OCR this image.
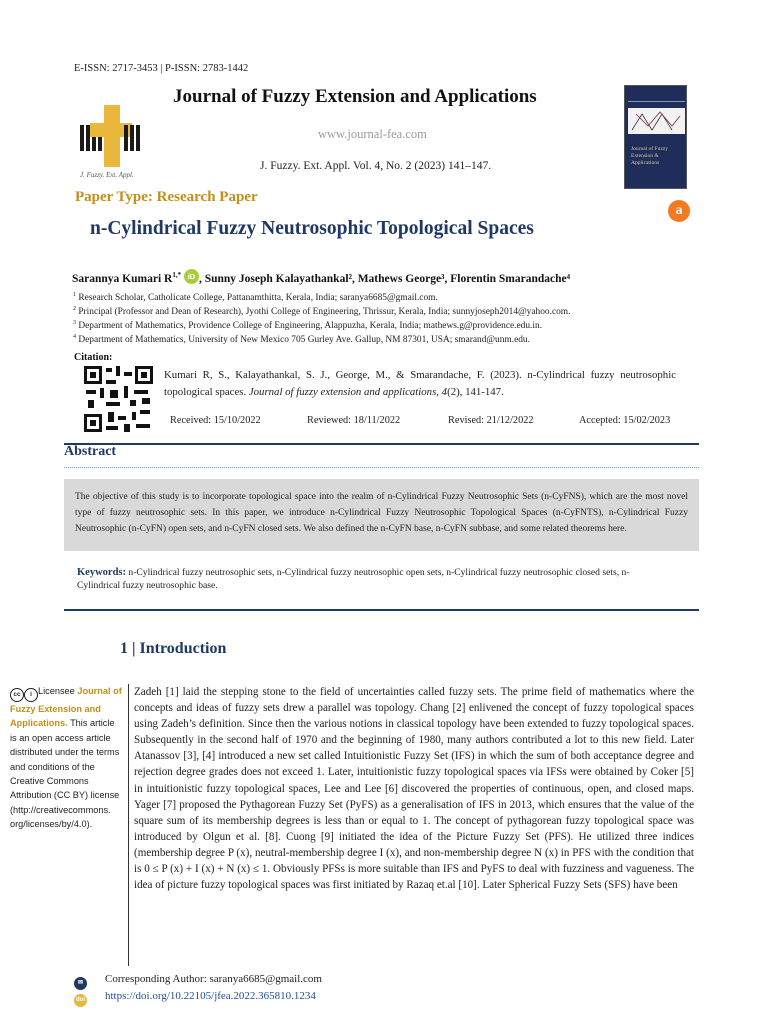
E-ISSN: 2717-3453 | P-ISSN: 2783-1442
J. Fuzzy. Ext. Appl.
Journal of Fuzzy Extension and Applications
www.journal-fea.com
J. Fuzzy. Ext. Appl. Vol. 4, No. 2 (2023) 141–147.
Journal of Fuzzy Extension & Applications
Paper Type: Research Paper
a
n-Cylindrical Fuzzy Neutrosophic Topological Spaces
Sarannya Kumari $R^{1,*}$ iD , Sunny Joseph Kalayathankal², Mathews George³, Florentin Smarandache⁴
$^1$ Research Scholar, Catholicate College, Pattanamthitta, Kerala, India; saranya6685@gmail.com.
$^2$ Principal (Professor and Dean of Research), Jyothi College of Engineering, Thrissur, Kerala, India; sunnyjoseph2014@yahoo.com.
$^3$ Department of Mathematics, Providence College of Engineering, Alappuzha, Kerala, India; mathews.g@providence.edu.in.
$^4$ Department of Mathematics, University of New Mexico 705 Gurley Ave. Gallup, NM 87301, USA; smarand@unm.edu.
Citation:
Kumari R, S., Kalayathankal, S. J., George, M., & Smarandache, F. (2023). n-Cylindrical fuzzy neutrosophic topological spaces. Journal of fuzzy extension and applications, 4(2), 141-147.
Received: 15/10/2022	Reviewed: 18/11/2022	Revised: 21/12/2022	Accepted: 15/02/2023
Abstract
The objective of this study is to incorporate topological space into the realm of n-Cylindrical Fuzzy Neutrosophic Sets (n-CyFNS), which are the most novel type of fuzzy neutrosophic sets. In this paper, we introduce n-Cylindrical Fuzzy Neutrosophic Topological Spaces (n-CyFNTS), n-Cylindrical Fuzzy Neutrosophic (n-CyFN) open sets, and n-CyFN closed sets. We also defined the n-CyFN base, n-CyFN subbase, and some related theorems here.
Keywords: n-Cylindrical fuzzy neutrosophic sets, n-Cylindrical fuzzy neutrosophic open sets, n-Cylindrical fuzzy neutrosophic closed sets, n-Cylindrical fuzzy neutrosophic base.
1 | Introduction
cc i Licensee Journal of Fuzzy Extension and Applications. This article is an open access article distributed under the terms and conditions of the Creative Commons Attribution (CC BY) license (http://creativecommons. org/licenses/by/4.0).
Zadeh [1] laid the stepping stone to the field of uncertainties called fuzzy sets. The prime field of mathematics where the concepts and ideas of fuzzy sets drew a parallel was topology. Chang [2] enlivened the concept of fuzzy topological spaces using Zadeh’s definition. Since then the various notions in classical topology have been extended to fuzzy topological spaces. Subsequently in the second half of 1970 and the beginning of 1980, many authors contributed a lot to this new field. Later Atanassov [3], [4] introduced a new set called Intuitionistic Fuzzy Set (IFS) in which the sum of both acceptance degree and rejection degree grades does not exceed 1. Later, intuitionistic fuzzy topological spaces via IFSs were obtained by Coker [5] in intuitionistic fuzzy topological spaces, Lee and Lee [6] discovered the properties of continuous, open, and closed maps. Yager [7] proposed the Pythagorean Fuzzy Set (PyFS) as a generalisation of IFS in 2013, which ensures that the value of the square sum of its membership degrees is less than or equal to 1. The concept of pythagorean fuzzy topological space was introduced by Olgun et al. [8]. Cuong [9] initiated the idea of the Picture Fuzzy Set (PFS). He utilized three indices (membership degree P (x), neutral-membership degree I (x), and non-membership degree N (x) in PFS with the condition that is 0 ≤ P (x) + I (x) + N (x) ≤ 1. Obviously PFSs is more suitable than IFS and PyFS to deal with fuzziness and vagueness. The idea of picture fuzzy topological spaces was first initiated by Razaq et.al [10]. Later Spherical Fuzzy Sets (SFS) have been
✉ Corresponding Author: saranya6685@gmail.com
doi https://doi.org/10.22105/jfea.2022.365810.1234
